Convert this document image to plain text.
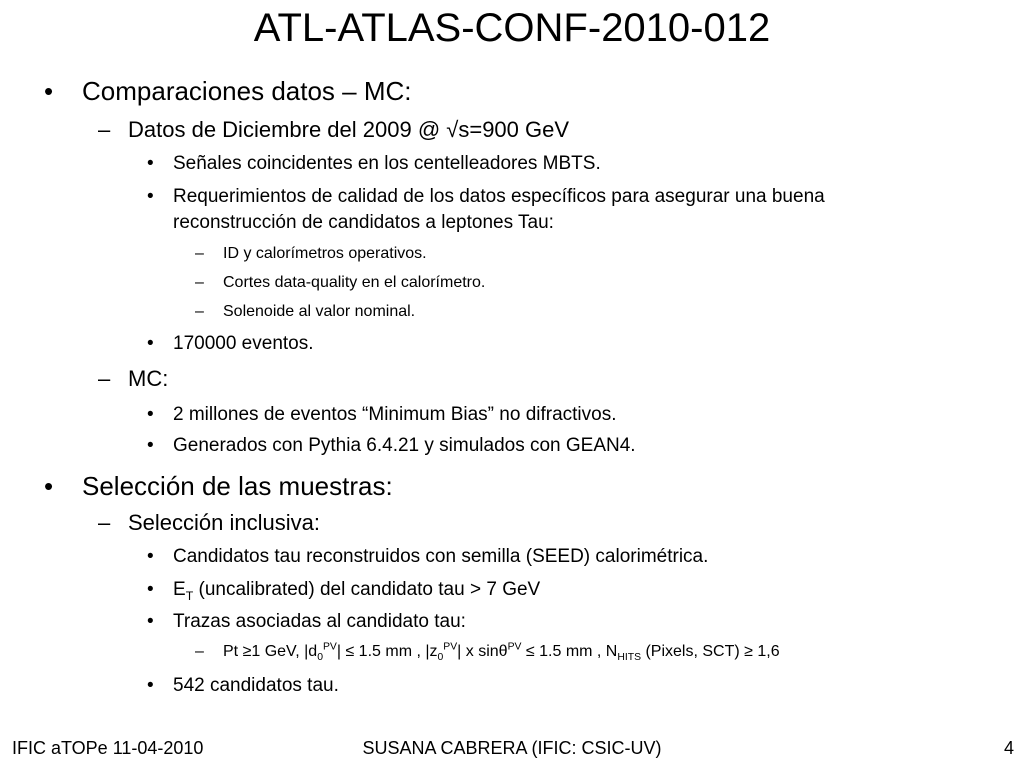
ATL-ATLAS-CONF-2010-012
• Comparaciones datos – MC:
– Datos de Diciembre del 2009 @ √s=900 GeV
• Señales coincidentes en los centelleadores MBTS.
• Requerimientos de calidad de los datos específicos para asegurar una buena
reconstrucción de candidatos a leptones Tau:
– ID y calorímetros operativos.
– Cortes data-quality en el calorímetro.
– Solenoide al valor nominal.
• 170000 eventos.
– MC:
• 2 millones de eventos “Minimum Bias” no difractivos.
• Generados con Pythia 6.4.21 y simulados con GEAN4.
• Selección de las muestras:
– Selección inclusiva:
• Candidatos tau reconstruidos con semilla (SEED) calorimétrica.
• $E_T$ (uncalibrated) del candidato tau > 7 GeV
• Trazas asociadas al candidato tau:
– Pt ≥1 GeV, $|d_0^{PV}| \le 1.5$ mm , $|z_0^{PV}|$ x sinθ$^{PV}$ ≤ 1.5 mm , $N_{HITS}$ (Pixels, SCT) ≥ 1,6
• 542 candidatos tau.
IFIC aTOPe 11-04-2010	SUSANA CABRERA (IFIC: CSIC-UV)	4
